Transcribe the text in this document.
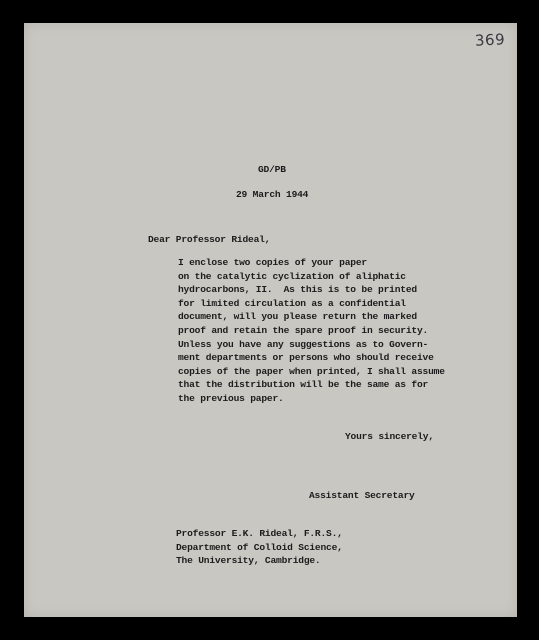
369
GD/PB
29 March 1944
Dear Professor Rideal,
I enclose two copies of your paper
on the catalytic cyclization of aliphatic
hydrocarbons, II.  As this is to be printed
for limited circulation as a confidential
document, will you please return the marked
proof and retain the spare proof in security.
Unless you have any suggestions as to Govern-
ment departments or persons who should receive
copies of the paper when printed, I shall assume
that the distribution will be the same as for
the previous paper.
Yours sincerely,
Assistant Secretary
Professor E.K. Rideal, F.R.S.,
Department of Colloid Science,
The University, Cambridge.
